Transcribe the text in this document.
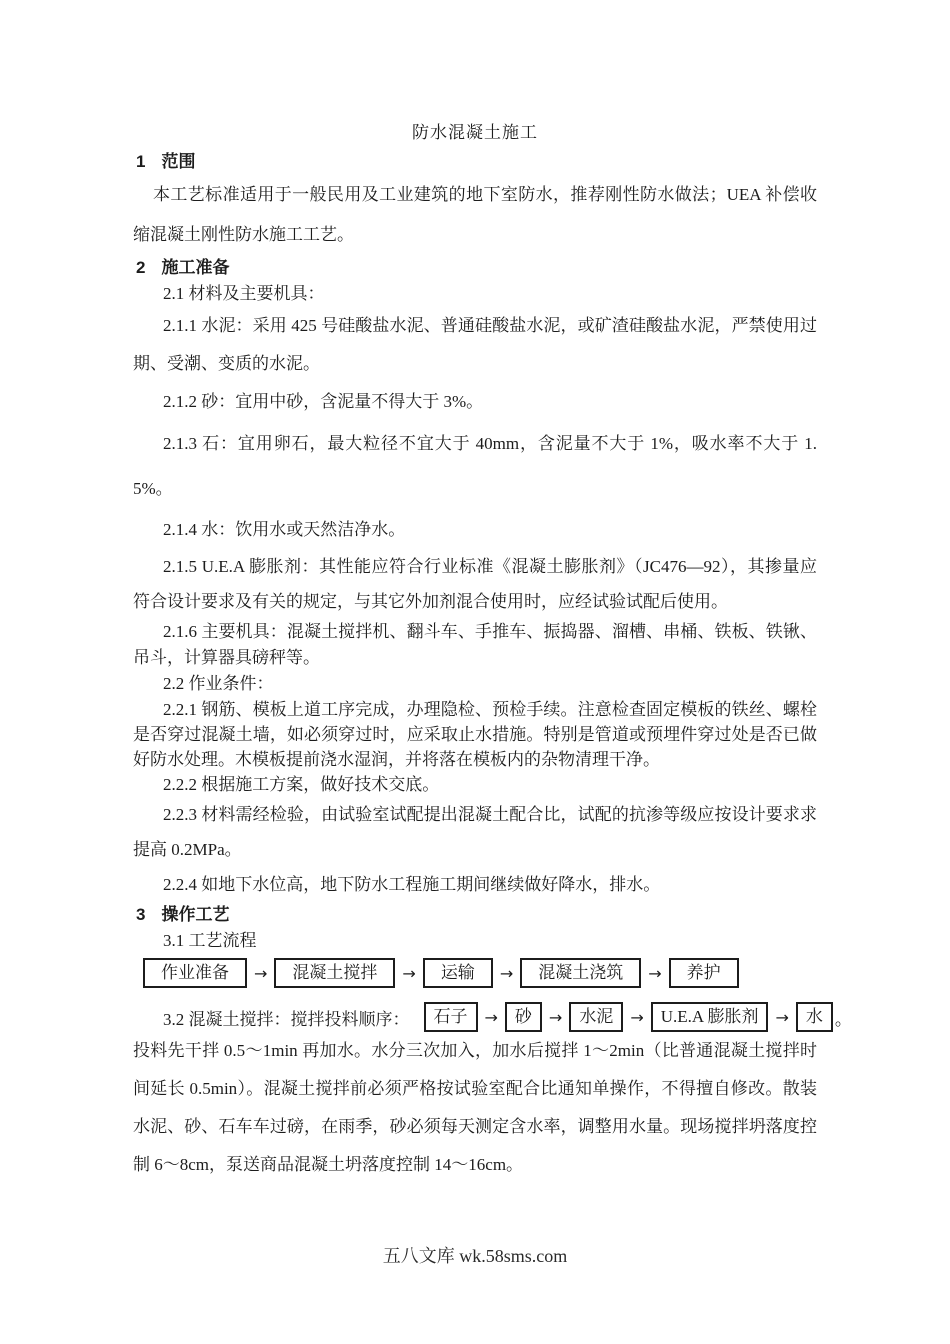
防水混凝土施工
1 范围

本工艺标准适用于一般民用及工业建筑的地下室防水，推荐刚性防水做法；UEA 补偿收缩混凝土刚性防水施工工艺。

2 施工准备

2.1 材料及主要机具：

2.1.1 水泥：采用 425 号硅酸盐水泥、普通硅酸盐水泥，或矿渣硅酸盐水泥，严禁使用过期、受潮、变质的水泥。

2.1.2 砂：宜用中砂，含泥量不得大于 3%。

2.1.3 石：宜用卵石，最大粒径不宜大于 40mm，含泥量不大于 1%，吸水率不大于 1.5%。

2.1.4 水：饮用水或天然洁净水。

2.1.5 U.E.A 膨胀剂：其性能应符合行业标准《混凝土膨胀剂》（JC476—92），其掺量应符合设计要求及有关的规定，与其它外加剂混合使用时，应经试验试配后使用。

2.1.6 主要机具：混凝土搅拌机、翻斗车、手推车、振捣器、溜槽、串桶、铁板、铁锹、吊斗，计算器具磅秤等。

2.2 作业条件：

2.2.1 钢筋、模板上道工序完成，办理隐检、预检手续。注意检查固定模板的铁丝、螺栓是否穿过混凝土墙，如必须穿过时，应采取止水措施。特别是管道或预埋件穿过处是否已做好防水处理。木模板提前浇水湿润，并将落在模板内的杂物清理干净。

2.2.2 根据施工方案，做好技术交底。

2.2.3 材料需经检验，由试验室试配提出混凝土配合比，试配的抗渗等级应按设计要求求提高 0.2MPa。

2.2.4 如地下水位高，地下防水工程施工期间继续做好降水，排水。

3 操作工艺

3.1 工艺流程

作业准备	→	混凝土搅拌	→	运输	→	混凝土浇筑	→	养护
3.2 混凝土搅拌：搅拌投料顺序：	石子	→	砂	→	水泥	→	U.E.A 膨胀剂	→	水 。

投料先干拌 0.5～1min 再加水。水分三次加入，加水后搅拌 1～2min（比普通混凝土搅拌时间延长 0.5min）。混凝土搅拌前必须严格按试验室配合比通知单操作，不得擅自修改。散装水泥、砂、石车车过磅，在雨季，砂必须每天测定含水率，调整用水量。现场搅拌坍落度控制 6～8cm，泵送商品混凝土坍落度控制 14～16cm。

五八文库 wk.58sms.com
